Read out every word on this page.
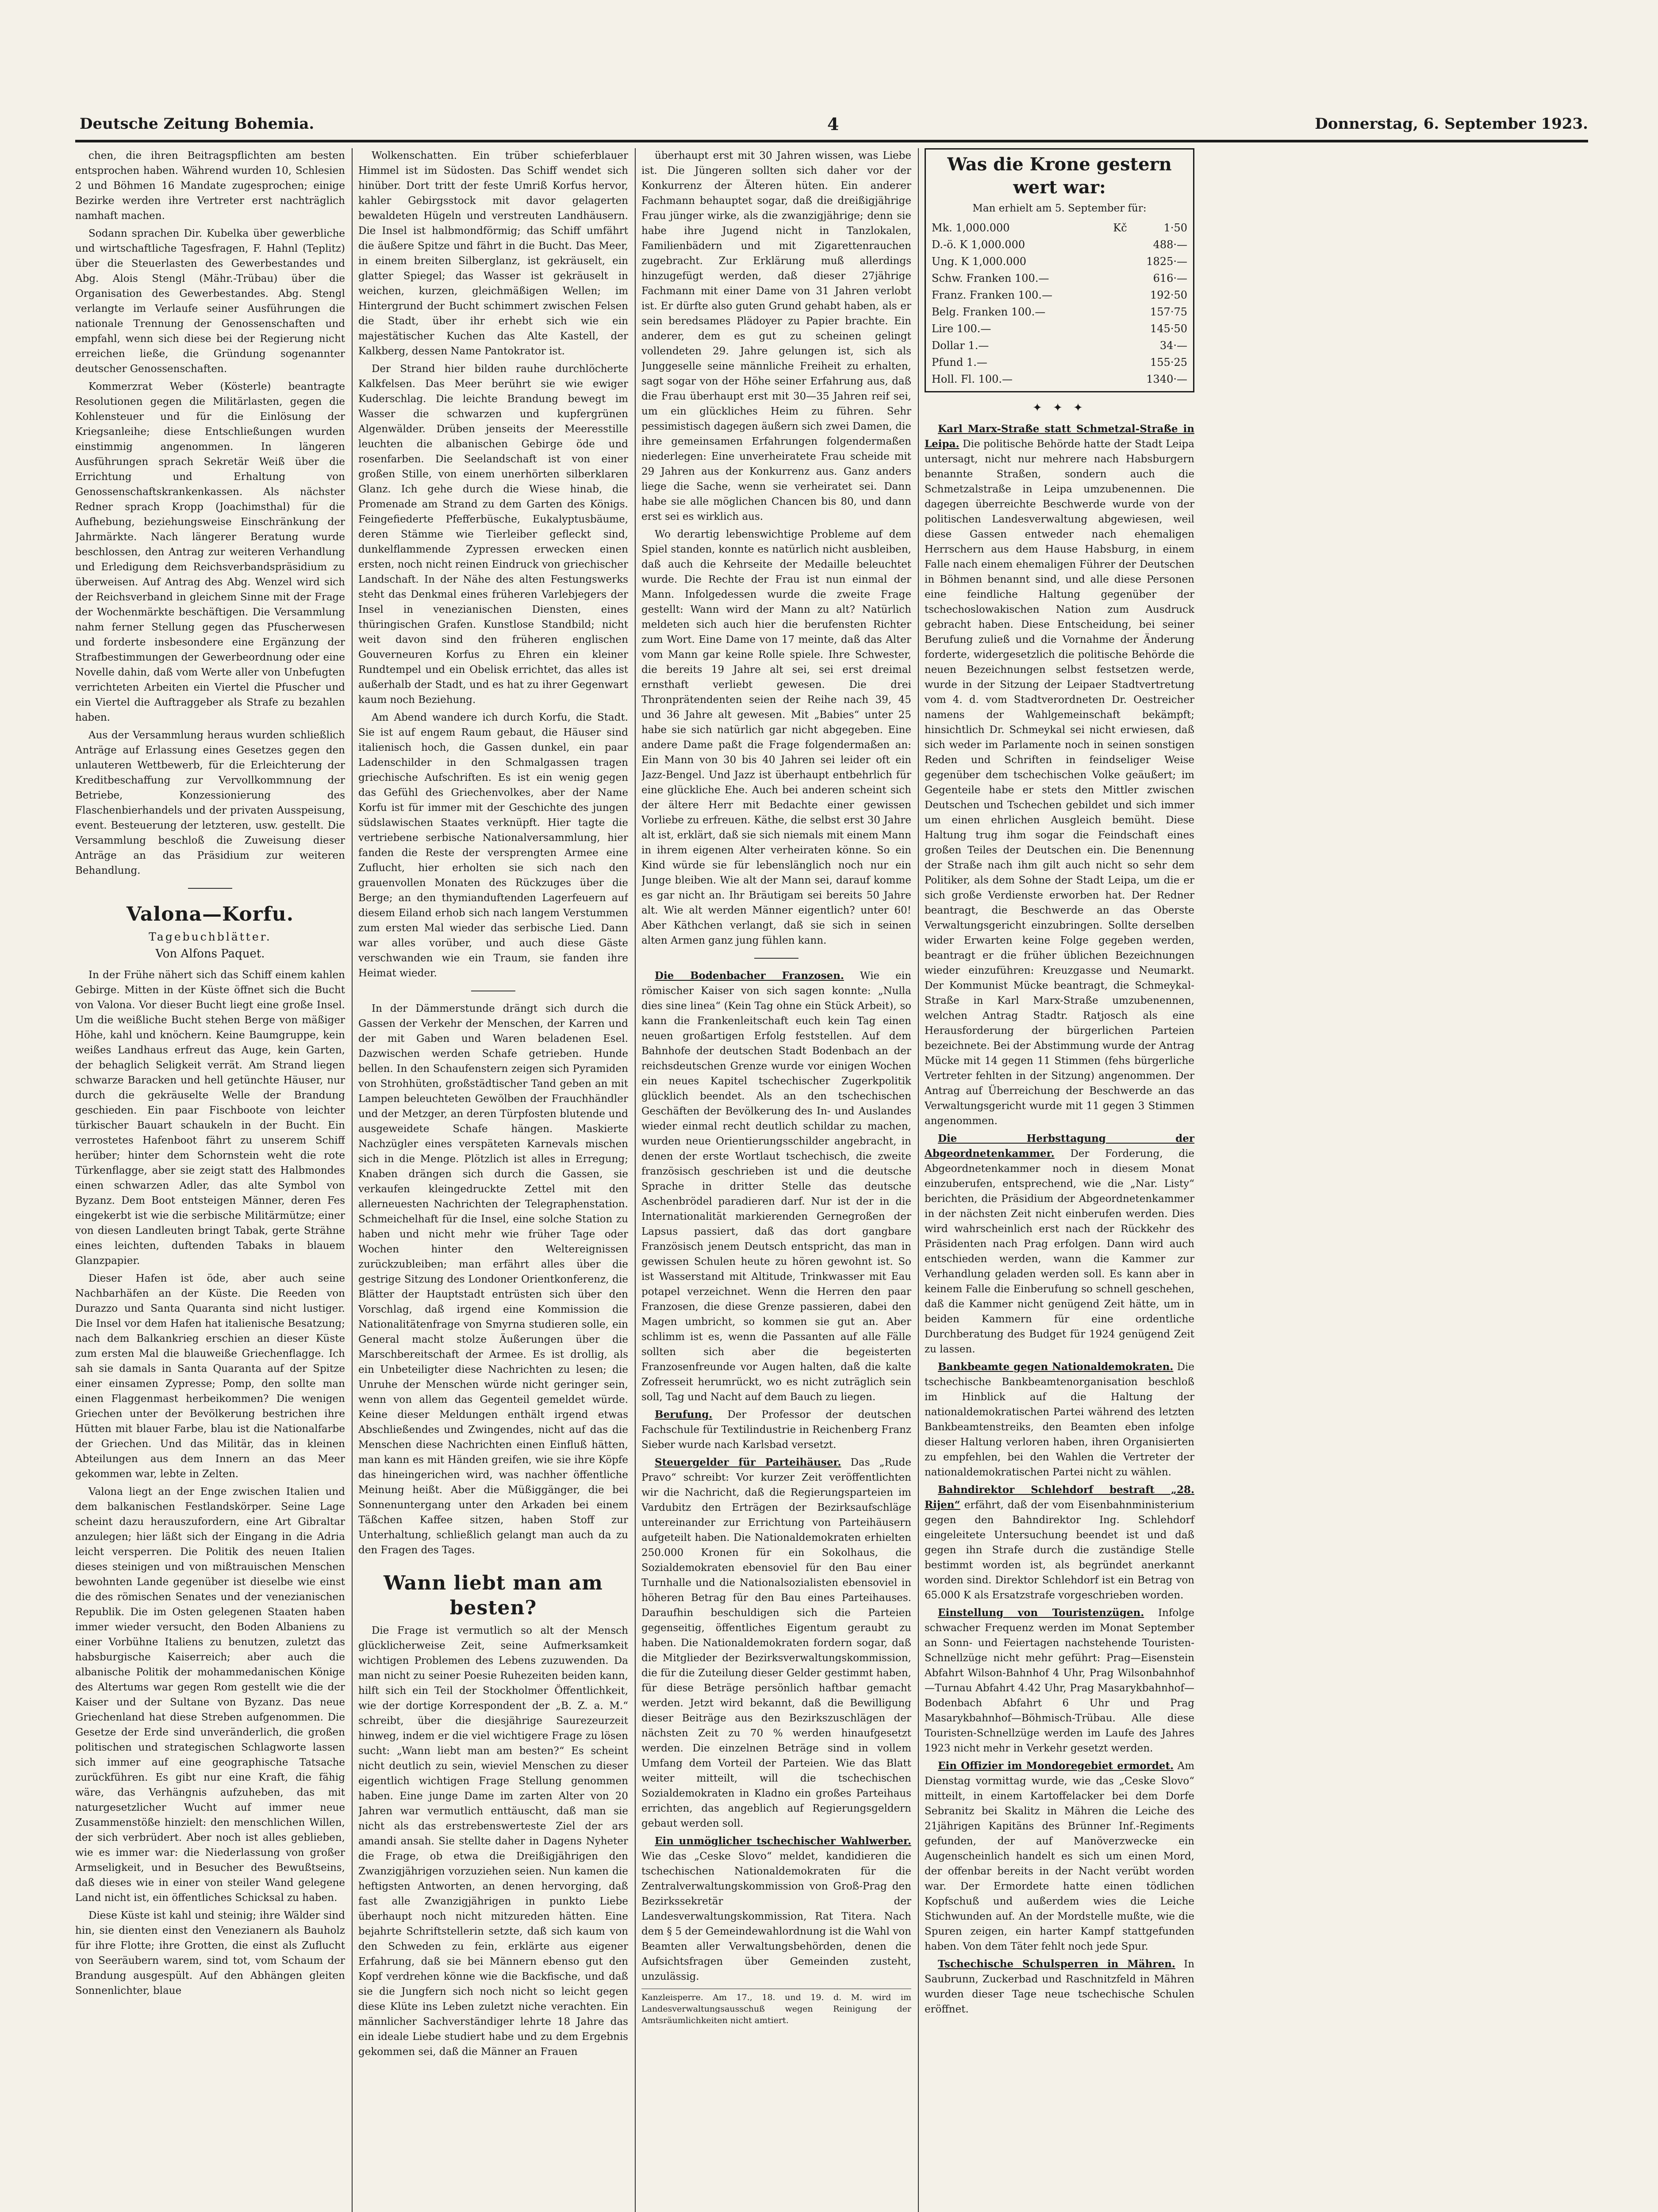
Deutsche Zeitung Bohemia.	4	Donnerstag, 6. September 1923.

chen, die ihren Beitragspflichten am besten entsprochen haben. Während wurden 10, Schlesien 2 und Böhmen 16 Mandate zugesprochen; einige Bezirke werden ihre Vertreter erst nachträglich namhaft machen.

Sodann sprachen Dir. Kubelka über gewerbliche und wirtschaftliche Tagesfragen, F. Hahnl (Teplitz) über die Steuerlasten des Gewerbestandes und Abg. Alois Stengl (Mähr.-Trübau) über die Organisation des Gewerbestandes. Abg. Stengl verlangte im Verlaufe seiner Ausführungen die nationale Trennung der Genossenschaften und empfahl, wenn sich diese bei der Regierung nicht erreichen ließe, die Gründung sogenannter deutscher Genossenschaften.

Kommerzrat Weber (Kösterle) beantragte Resolutionen gegen die Militärlasten, gegen die Kohlensteuer und für die Einlösung der Kriegsanleihe; diese Entschließungen wurden einstimmig angenommen. In längeren Ausführungen sprach Sekretär Weiß über die Errichtung und Erhaltung von Genossenschaftskrankenkassen. Als nächster Redner sprach Kropp (Joachimsthal) für die Aufhebung, beziehungsweise Einschränkung der Jahrmärkte. Nach längerer Beratung wurde beschlossen, den Antrag zur weiteren Verhandlung und Erledigung dem Reichsverbandspräsidium zu überweisen. Auf Antrag des Abg. Wenzel wird sich der Reichsverband in gleichem Sinne mit der Frage der Wochenmärkte beschäftigen. Die Versammlung nahm ferner Stellung gegen das Pfuscherwesen und forderte insbesondere eine Ergänzung der Strafbestimmungen der Gewerbeordnung oder eine Novelle dahin, daß vom Werte aller von Unbefugten verrichteten Arbeiten ein Viertel die Pfuscher und ein Viertel die Auftraggeber als Strafe zu bezahlen haben.

Aus der Versammlung heraus wurden schließlich Anträge auf Erlassung eines Gesetzes gegen den unlauteren Wettbewerb, für die Erleichterung der Kreditbeschaffung zur Vervollkommnung der Betriebe, Konzessionierung des Flaschenbierhandels und der privaten Ausspeisung, event. Besteuerung der letzteren, usw. gestellt. Die Versammlung beschloß die Zuweisung dieser Anträge an das Präsidium zur weiteren Behandlung.

Valona—Korfu.
Tagebuchblätter.
Von Alfons Paquet.

In der Frühe nähert sich das Schiff einem kahlen Gebirge. Mitten in der Küste öffnet sich die Bucht von Valona. Vor dieser Bucht liegt eine große Insel. Um die weißliche Bucht stehen Berge von mäßiger Höhe, kahl und knöchern. Keine Baumgruppe, kein weißes Landhaus erfreut das Auge, kein Garten, der behaglich Seligkeit verrät. Am Strand liegen schwarze Baracken und hell getünchte Häuser, nur durch die gekräuselte Welle der Brandung geschieden. Ein paar Fischboote von leichter türkischer Bauart schaukeln in der Bucht. Ein verrostetes Hafenboot fährt zu unserem Schiff herüber; hinter dem Schornstein weht die rote Türkenflagge, aber sie zeigt statt des Halbmondes einen schwarzen Adler, das alte Symbol von Byzanz. Dem Boot entsteigen Männer, deren Fes eingekerbt ist wie die serbische Militärmütze; einer von diesen Landleuten bringt Tabak, gerte Strähne eines leichten, duftenden Tabaks in blauem Glanzpapier.

Dieser Hafen ist öde, aber auch seine Nachbarhäfen an der Küste. Die Reeden von Durazzo und Santa Quaranta sind nicht lustiger. Die Insel vor dem Hafen hat italienische Besatzung; nach dem Balkankrieg erschien an dieser Küste zum ersten Mal die blauweiße Griechenflagge. Ich sah sie damals in Santa Quaranta auf der Spitze einer einsamen Zypresse; Pomp, den sollte man einen Flaggenmast herbeikommen? Die wenigen Griechen unter der Bevölkerung bestrichen ihre Hütten mit blauer Farbe, blau ist die Nationalfarbe der Griechen. Und das Militär, das in kleinen Abteilungen aus dem Innern an das Meer gekommen war, lebte in Zelten.

Valona liegt an der Enge zwischen Italien und dem balkanischen Festlandskörper. Seine Lage scheint dazu herauszufordern, eine Art Gibraltar anzulegen; hier läßt sich der Eingang in die Adria leicht versperren. Die Politik des neuen Italien dieses steinigen und von mißtrauischen Menschen bewohnten Lande gegenüber ist dieselbe wie einst die des römischen Senates und der venezianischen Republik. Die im Osten gelegenen Staaten haben immer wieder versucht, den Boden Albaniens zu einer Vorbühne Italiens zu benutzen, zuletzt das habsburgische Kaiserreich; aber auch die albanische Politik der mohammedanischen Könige des Altertums war gegen Rom gestellt wie die der Kaiser und der Sultane von Byzanz. Das neue Griechenland hat diese Streben aufgenommen. Die Gesetze der Erde sind unveränderlich, die großen politischen und strategischen Schlagworte lassen sich immer auf eine geographische Tatsache zurückführen. Es gibt nur eine Kraft, die fähig wäre, das Verhängnis aufzuheben, das mit naturgesetzlicher Wucht auf immer neue Zusammenstöße hinzielt: den menschlichen Willen, der sich verbrüdert. Aber noch ist alles geblieben, wie es immer war: die Niederlassung von großer Armseligkeit, und in Besucher des Bewußtseins, daß dieses wie in einer von steiler Wand gelegene Land nicht ist, ein öffentliches Schicksal zu haben.

Diese Küste ist kahl und steinig; ihre Wälder sind hin, sie dienten einst den Venezianern als Bauholz für ihre Flotte; ihre Grotten, die einst als Zuflucht von Seeräubern warem, sind tot, vom Schaum der Brandung ausgespült. Auf den Abhängen gleiten Sonnenlichter, blaue

Wolkenschatten. Ein trüber schieferblauer Himmel ist im Südosten. Das Schiff wendet sich hinüber. Dort tritt der feste Umriß Korfus hervor, kahler Gebirgsstock mit davor gelagerten bewaldeten Hügeln und verstreuten Landhäusern. Die Insel ist halbmondförmig; das Schiff umfährt die äußere Spitze und fährt in die Bucht. Das Meer, in einem breiten Silberglanz, ist gekräuselt, ein glatter Spiegel; das Wasser ist gekräuselt in weichen, kurzen, gleichmäßigen Wellen; im Hintergrund der Bucht schimmert zwischen Felsen die Stadt, über ihr erhebt sich wie ein majestätischer Kuchen das Alte Kastell, der Kalkberg, dessen Name Pantokrator ist.

Der Strand hier bilden rauhe durchlöcherte Kalkfelsen. Das Meer berührt sie wie ewiger Kuderschlag. Die leichte Brandung bewegt im Wasser die schwarzen und kupfergrünen Algenwälder. Drüben jenseits der Meeresstille leuchten die albanischen Gebirge öde und rosenfarben. Die Seelandschaft ist von einer großen Stille, von einem unerhörten silberklaren Glanz. Ich gehe durch die Wiese hinab, die Promenade am Strand zu dem Garten des Königs. Feingefiederte Pfefferbüsche, Eukalyptusbäume, deren Stämme wie Tierleiber gefleckt sind, dunkelflammende Zypressen erwecken einen ersten, noch nicht reinen Eindruck von griechischer Landschaft. In der Nähe des alten Festungswerks steht das Denkmal eines früheren Varlebjegers der Insel in venezianischen Diensten, eines thüringischen Grafen. Kunstlose Standbild; nicht weit davon sind den früheren englischen Gouverneuren Korfus zu Ehren ein kleiner Rundtempel und ein Obelisk errichtet, das alles ist außerhalb der Stadt, und es hat zu ihrer Gegenwart kaum noch Beziehung.

Am Abend wandere ich durch Korfu, die Stadt. Sie ist auf engem Raum gebaut, die Häuser sind italienisch hoch, die Gassen dunkel, ein paar Ladenschilder in den Schmalgassen tragen griechische Aufschriften. Es ist ein wenig gegen das Gefühl des Griechenvolkes, aber der Name Korfu ist für immer mit der Geschichte des jungen südslawischen Staates verknüpft. Hier tagte die vertriebene serbische Nationalversammlung, hier fanden die Reste der versprengten Armee eine Zuflucht, hier erholten sie sich nach den grauenvollen Monaten des Rückzuges über die Berge; an den thymianduftenden Lagerfeuern auf diesem Eiland erhob sich nach langem Verstummen zum ersten Mal wieder das serbische Lied. Dann war alles vorüber, und auch diese Gäste verschwanden wie ein Traum, sie fanden ihre Heimat wieder.

In der Dämmerstunde drängt sich durch die Gassen der Verkehr der Menschen, der Karren und der mit Gaben und Waren beladenen Esel. Dazwischen werden Schafe getrieben. Hunde bellen. In den Schaufenstern zeigen sich Pyramiden von Strohhüten, großstädtischer Tand geben an mit Lampen beleuchteten Gewölben der Frauchhändler und der Metzger, an deren Türpfosten blutende und ausgeweidete Schafe hängen. Maskierte Nachzügler eines verspäteten Karnevals mischen sich in die Menge. Plötzlich ist alles in Erregung; Knaben drängen sich durch die Gassen, sie verkaufen kleingedruckte Zettel mit den allerneuesten Nachrichten der Telegraphenstation. Schmeichelhaft für die Insel, eine solche Station zu haben und nicht mehr wie früher Tage oder Wochen hinter den Weltereignissen zurückzubleiben; man erfährt alles über die gestrige Sitzung des Londoner Orientkonferenz, die Blätter der Hauptstadt entrüsten sich über den Vorschlag, daß irgend eine Kommission die Nationalitätenfrage von Smyrna studieren solle, ein General macht stolze Äußerungen über die Marschbereitschaft der Armee. Es ist drollig, als ein Unbeteiligter diese Nachrichten zu lesen; die Unruhe der Menschen würde nicht geringer sein, wenn von allem das Gegenteil gemeldet würde. Keine dieser Meldungen enthält irgend etwas Abschließendes und Zwingendes, nicht auf das die Menschen diese Nachrichten einen Einfluß hätten, man kann es mit Händen greifen, wie sie ihre Köpfe das hineingerichen wird, was nachher öffentliche Meinung heißt. Aber die Müßiggänger, die bei Sonnenuntergang unter den Arkaden bei einem Täßchen Kaffee sitzen, haben Stoff zur Unterhaltung, schließlich gelangt man auch da zu den Fragen des Tages.

Wann liebt man am besten?

Die Frage ist vermutlich so alt der Mensch glücklicherweise Zeit, seine Aufmerksamkeit wichtigen Problemen des Lebens zuzuwenden. Da man nicht zu seiner Poesie Ruhezeiten beiden kann, hilft sich ein Teil der Stockholmer Öffentlichkeit, wie der dortige Korrespondent der „B. Z. a. M.“ schreibt, über die diesjährige Saurezeurzeit hinweg, indem er die viel wichtigere Frage zu lösen sucht: „Wann liebt man am besten?“ Es scheint nicht deutlich zu sein, wieviel Menschen zu dieser eigentlich wichtigen Frage Stellung genommen haben. Eine junge Dame im zarten Alter von 20 Jahren war vermutlich enttäuscht, daß man sie nicht als das erstrebenswerteste Ziel der ars amandi ansah. Sie stellte daher in Dagens Nyheter die Frage, ob etwa die Dreißigjährigen den Zwanzigjährigen vorzuziehen seien. Nun kamen die heftigsten Antworten, an denen hervorging, daß fast alle Zwanzigjährigen in punkto Liebe überhaupt noch nicht mitzureden hätten. Eine bejahrte Schriftstellerin setzte, daß sich kaum von den Schweden zu fein, erklärte aus eigener Erfahrung, daß sie bei Männern ebenso gut den Kopf verdrehen könne wie die Backfische, und daß sie die Jungfern sich noch nicht so leicht gegen diese Klüte ins Leben zuletzt niche verachten. Ein männlicher Sachverständiger lehrte 18 Jahre das ein ideale Liebe studiert habe und zu dem Ergebnis gekommen sei, daß die Männer an Frauen

überhaupt erst mit 30 Jahren wissen, was Liebe ist. Die Jüngeren sollten sich daher vor der Konkurrenz der Älteren hüten. Ein anderer Fachmann behauptet sogar, daß die dreißigjährige Frau jünger wirke, als die zwanzigjährige; denn sie habe ihre Jugend nicht in Tanzlokalen, Familienbädern und mit Zigarettenrauchen zugebracht. Zur Erklärung muß allerdings hinzugefügt werden, daß dieser 27jährige Fachmann mit einer Dame von 31 Jahren verlobt ist. Er dürfte also guten Grund gehabt haben, als er sein beredsames Plädoyer zu Papier brachte. Ein anderer, dem es gut zu scheinen gelingt vollendeten 29. Jahre gelungen ist, sich als Junggeselle seine männliche Freiheit zu erhalten, sagt sogar von der Höhe seiner Erfahrung aus, daß die Frau überhaupt erst mit 30—35 Jahren reif sei, um ein glückliches Heim zu führen. Sehr pessimistisch dagegen äußern sich zwei Damen, die ihre gemeinsamen Erfahrungen folgendermaßen niederlegen: Eine unverheiratete Frau scheide mit 29 Jahren aus der Konkurrenz aus. Ganz anders liege die Sache, wenn sie verheiratet sei. Dann habe sie alle möglichen Chancen bis 80, und dann erst sei es wirklich aus.

Wo derartig lebenswichtige Probleme auf dem Spiel standen, konnte es natürlich nicht ausbleiben, daß auch die Kehrseite der Medaille beleuchtet wurde. Die Rechte der Frau ist nun einmal der Mann. Infolgedessen wurde die zweite Frage gestellt: Wann wird der Mann zu alt? Natürlich meldeten sich auch hier die berufensten Richter zum Wort. Eine Dame von 17 meinte, daß das Alter vom Mann gar keine Rolle spiele. Ihre Schwester, die bereits 19 Jahre alt sei, sei erst dreimal ernsthaft verliebt gewesen. Die drei Thronprätendenten seien der Reihe nach 39, 45 und 36 Jahre alt gewesen. Mit „Babies“ unter 25 habe sie sich natürlich gar nicht abgegeben. Eine andere Dame paßt die Frage folgendermaßen an: Ein Mann von 30 bis 40 Jahren sei leider oft ein Jazz-Bengel. Und Jazz ist überhaupt entbehrlich für eine glückliche Ehe. Auch bei anderen scheint sich der ältere Herr mit Bedachte einer gewissen Vorliebe zu erfreuen. Käthe, die selbst erst 30 Jahre alt ist, erklärt, daß sie sich niemals mit einem Mann in ihrem eigenen Alter verheiraten könne. So ein Kind würde sie für lebenslänglich noch nur ein Junge bleiben. Wie alt der Mann sei, darauf komme es gar nicht an. Ihr Bräutigam sei bereits 50 Jahre alt. Wie alt werden Männer eigentlich? unter 60! Aber Käthchen verlangt, daß sie sich in seinen alten Armen ganz jung fühlen kann.

Die Bodenbacher Franzosen. Wie ein römischer Kaiser von sich sagen konnte: „Nulla dies sine linea“ (Kein Tag ohne ein Stück Arbeit), so kann die Frankenleitschaft euch kein Tag einen neuen großartigen Erfolg feststellen. Auf dem Bahnhofe der deutschen Stadt Bodenbach an der reichsdeutschen Grenze wurde vor einigen Wochen ein neues Kapitel tschechischer Zugerkpolitik glücklich beendet. Als an den tschechischen Geschäften der Bevölkerung des In- und Auslandes wieder einmal recht deutlich schildar zu machen, wurden neue Orientierungsschilder angebracht, in denen der erste Wortlaut tschechisch, die zweite französisch geschrieben ist und die deutsche Sprache in dritter Stelle das deutsche Aschenbrödel paradieren darf. Nur ist der in die Internationalität markierenden Gernegroßen der Lapsus passiert, daß das dort gangbare Französisch jenem Deutsch entspricht, das man in gewissen Schulen heute zu hören gewohnt ist. So ist Wasserstand mit Altitude, Trinkwasser mit Eau potapel verzeichnet. Wenn die Herren den paar Franzosen, die diese Grenze passieren, dabei den Magen umbricht, so kommen sie gut an. Aber schlimm ist es, wenn die Passanten auf alle Fälle sollten sich aber die begeisterten Franzosenfreunde vor Augen halten, daß die kalte Zofresseit herumrückt, wo es nicht zuträglich sein soll, Tag und Nacht auf dem Bauch zu liegen.

Berufung. Der Professor der deutschen Fachschule für Textilindustrie in Reichenberg Franz Sieber wurde nach Karlsbad versetzt.

Steuergelder für Parteihäuser. Das „Rude Pravo“ schreibt: Vor kurzer Zeit veröffentlichten wir die Nachricht, daß die Regierungsparteien im Vardubitz den Erträgen der Bezirksaufschläge untereinander zur Errichtung von Parteihäusern aufgeteilt haben. Die Nationaldemokraten erhielten 250.000 Kronen für ein Sokolhaus, die Sozialdemokraten ebensoviel für den Bau einer Turnhalle und die Nationalsozialisten ebensoviel in höheren Betrag für den Bau eines Parteihauses. Daraufhin beschuldigen sich die Parteien gegenseitig, öffentliches Eigentum geraubt zu haben. Die Nationaldemokraten fordern sogar, daß die Mitglieder der Bezirksverwaltungskommission, die für die Zuteilung dieser Gelder gestimmt haben, für diese Beträge persönlich haftbar gemacht werden. Jetzt wird bekannt, daß die Bewilligung dieser Beiträge aus den Bezirkszuschlägen der nächsten Zeit zu 70 % werden hinaufgesetzt werden. Die einzelnen Beträge sind in vollem Umfang dem Vorteil der Parteien. Wie das Blatt weiter mitteilt, will die tschechischen Sozialdemokraten in Kladno ein großes Parteihaus errichten, das angeblich auf Regierungsgeldern gebaut werden soll.

Ein unmöglicher tschechischer Wahlwerber. Wie das „Ceske Slovo“ meldet, kandidieren die tschechischen Nationaldemokraten für die Zentralverwaltungskommission von Groß-Prag den Bezirkssekretär der Landesverwaltungskommission, Rat Titera. Nach dem § 5 der Gemeindewahlordnung ist die Wahl von Beamten aller Verwaltungsbehörden, denen die Aufsichtsfragen über Gemeinden zusteht, unzulässig.

Kanzleisperre. Am 17., 18. und 19. d. M. wird im Landesverwaltungsausschuß wegen Reinigung der Amtsräumlichkeiten nicht amtiert.
Was die Krone gestern wert war:
Man erhielt am 5. September für:
Mk. 1,000.000	Kč	1·50
D.-ö. K 1,000.000		488·—
Ung. K 1,000.000		1825·—
Schw. Franken 100.—		616·—
Franz. Franken 100.—		192·50
Belg. Franken 100.—		157·75
Lire 100.—		145·50
Dollar 1.—		34·—
Pfund 1.—		155·25
Holl. Fl. 100.—		1340·—
✦ ✦ ✦

Karl Marx-Straße statt Schmetzal-Straße in Leipa. Die politische Behörde hatte der Stadt Leipa untersagt, nicht nur mehrere nach Habsburgern benannte Straßen, sondern auch die Schmetzalstraße in Leipa umzubenennen. Die dagegen überreichte Beschwerde wurde von der politischen Landesverwaltung abgewiesen, weil diese Gassen entweder nach ehemaligen Herrschern aus dem Hause Habsburg, in einem Falle nach einem ehemaligen Führer der Deutschen in Böhmen benannt sind, und alle diese Personen eine feindliche Haltung gegenüber der tschechoslowakischen Nation zum Ausdruck gebracht haben. Diese Entscheidung, bei seiner Berufung zuließ und die Vornahme der Änderung forderte, widergesetzlich die politische Behörde die neuen Bezeichnungen selbst festsetzen werde, wurde in der Sitzung der Leipaer Stadtvertretung vom 4. d. vom Stadtverordneten Dr. Oestreicher namens der Wahlgemeinschaft bekämpft; hinsichtlich Dr. Schmeykal sei nicht erwiesen, daß sich weder im Parlamente noch in seinen sonstigen Reden und Schriften in feindseliger Weise gegenüber dem tschechischen Volke geäußert; im Gegenteile habe er stets den Mittler zwischen Deutschen und Tschechen gebildet und sich immer um einen ehrlichen Ausgleich bemüht. Diese Haltung trug ihm sogar die Feindschaft eines großen Teiles der Deutschen ein. Die Benennung der Straße nach ihm gilt auch nicht so sehr dem Politiker, als dem Sohne der Stadt Leipa, um die er sich große Verdienste erworben hat. Der Redner beantragt, die Beschwerde an das Oberste Verwaltungsgericht einzubringen. Sollte derselben wider Erwarten keine Folge gegeben werden, beantragt er die früher üblichen Bezeichnungen wieder einzuführen: Kreuzgasse und Neumarkt. Der Kommunist Mücke beantragt, die Schmeykal-Straße in Karl Marx-Straße umzubenennen, welchen Antrag Stadtr. Ratjosch als eine Herausforderung der bürgerlichen Parteien bezeichnete. Bei der Abstimmung wurde der Antrag Mücke mit 14 gegen 11 Stimmen (fehs bürgerliche Vertreter fehlten in der Sitzung) angenommen. Der Antrag auf Überreichung der Beschwerde an das Verwaltungsgericht wurde mit 11 gegen 3 Stimmen angenommen.

Die Herbsttagung der Abgeordnetenkammer. Der Forderung, die Abgeordnetenkammer noch in diesem Monat einzuberufen, entsprechend, wie die „Nar. Listy“ berichten, die Präsidium der Abgeordnetenkammer in der nächsten Zeit nicht einberufen werden. Dies wird wahrscheinlich erst nach der Rückkehr des Präsidenten nach Prag erfolgen. Dann wird auch entschieden werden, wann die Kammer zur Verhandlung geladen werden soll. Es kann aber in keinem Falle die Einberufung so schnell geschehen, daß die Kammer nicht genügend Zeit hätte, um in beiden Kammern für eine ordentliche Durchberatung des Budget für 1924 genügend Zeit zu lassen.

Bankbeamte gegen Nationaldemokraten. Die tschechische Bankbeamtenorganisation beschloß im Hinblick auf die Haltung der nationaldemokratischen Partei während des letzten Bankbeamtenstreiks, den Beamten eben infolge dieser Haltung verloren haben, ihren Organisierten zu empfehlen, bei den Wahlen die Vertreter der nationaldemokratischen Partei nicht zu wählen.

Bahndirektor Schlehdorf bestraft „28. Rijen“ erfährt, daß der vom Eisenbahnministerium gegen den Bahndirektor Ing. Schlehdorf eingeleitete Untersuchung beendet ist und daß gegen ihn Strafe durch die zuständige Stelle bestimmt worden ist, als begründet anerkannt worden sind. Direktor Schlehdorf ist ein Betrag von 65.000 K als Ersatzstrafe vorgeschrieben worden.

Einstellung von Touristenzügen. Infolge schwacher Frequenz werden im Monat September an Sonn- und Feiertagen nachstehende Touristen-Schnellzüge nicht mehr geführt: Prag—Eisenstein Abfahrt Wilson-Bahnhof 4 Uhr, Prag Wilsonbahnhof—Turnau Abfahrt 4.42 Uhr, Prag Masarykbahnhof—Bodenbach Abfahrt 6 Uhr und Prag Masarykbahnhof—Böhmisch-Trübau. Alle diese Touristen-Schnellzüge werden im Laufe des Jahres 1923 nicht mehr in Verkehr gesetzt werden.

Ein Offizier im Mondoregebiet ermordet. Am Dienstag vormittag wurde, wie das „Ceske Slovo“ mitteilt, in einem Kartoffelacker bei dem Dorfe Sebranitz bei Skalitz in Mähren die Leiche des 21jährigen Kapitäns des Brünner Inf.-Regiments gefunden, der auf Manöverzwecke ein Augenscheinlich handelt es sich um einen Mord, der offenbar bereits in der Nacht verübt worden war. Der Ermordete hatte einen tödlichen Kopfschuß und außerdem wies die Leiche Stichwunden auf. An der Mordstelle mußte, wie die Spuren zeigen, ein harter Kampf stattgefunden haben. Von dem Täter fehlt noch jede Spur.

Tschechische Schulsperren in Mähren. In Saubrunn, Zuckerbad und Raschnitzfeld in Mähren wurden dieser Tage neue tschechische Schulen eröffnet.
